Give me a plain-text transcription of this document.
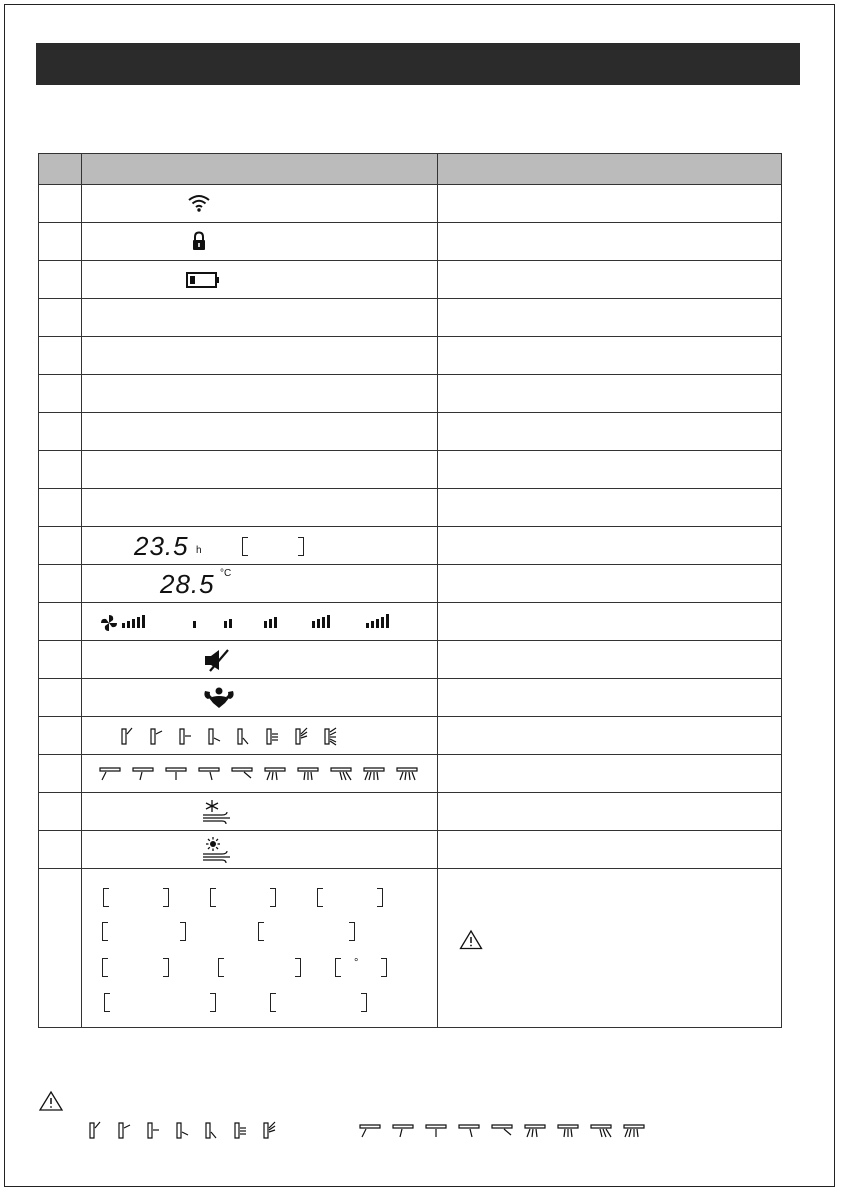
	23.5 h	

	28.5 °C	

	°
